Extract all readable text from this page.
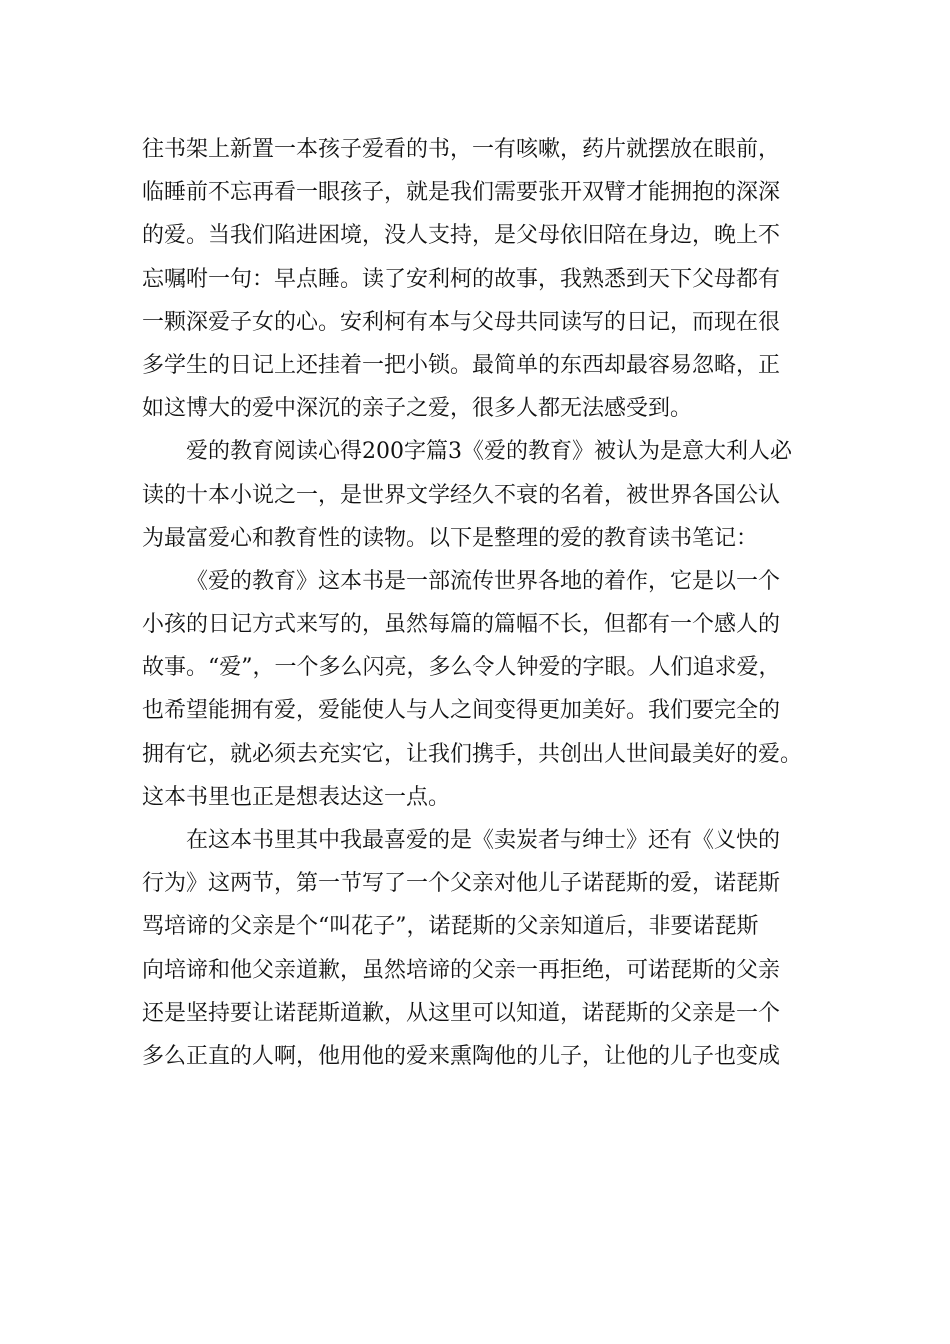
往书架上新置一本孩子爱看的书，一有咳嗽，药片就摆放在眼前，
临睡前不忘再看一眼孩子，就是我们需要张开双臂才能拥抱的深深
的爱。当我们陷进困境，没人支持，是父母依旧陪在身边，晚上不
忘嘱咐一句：早点睡。读了安利柯的故事，我熟悉到天下父母都有
一颗深爱子女的心。安利柯有本与父母共同读写的日记，而现在很
多学生的日记上还挂着一把小锁。最简单的东西却最容易忽略，正
如这博大的爱中深沉的亲子之爱，很多人都无法感受到。
爱的教育阅读心得200字篇3《爱的教育》被认为是意大利人必
读的十本小说之一，是世界文学经久不衰的名着，被世界各国公认
为最富爱心和教育性的读物。以下是整理的爱的教育读书笔记：
《爱的教育》这本书是一部流传世界各地的着作，它是以一个
小孩的日记方式来写的，虽然每篇的篇幅不长，但都有一个感人的
故事。“爱”，一个多么闪亮，多么令人钟爱的字眼。人们追求爱，
也希望能拥有爱，爱能使人与人之间变得更加美好。我们要完全的
拥有它，就必须去充实它，让我们携手，共创出人世间最美好的爱。
这本书里也正是想表达这一点。
在这本书里其中我最喜爱的是《卖炭者与绅士》还有《义快的
行为》这两节，第一节写了一个父亲对他儿子诺琵斯的爱，诺琵斯
骂培谛的父亲是个“叫花子”，诺琵斯的父亲知道后，非要诺琵斯
向培谛和他父亲道歉，虽然培谛的父亲一再拒绝，可诺琵斯的父亲
还是坚持要让诺琵斯道歉，从这里可以知道，诺琵斯的父亲是一个
多么正直的人啊，他用他的爱来熏陶他的儿子，让他的儿子也变成
